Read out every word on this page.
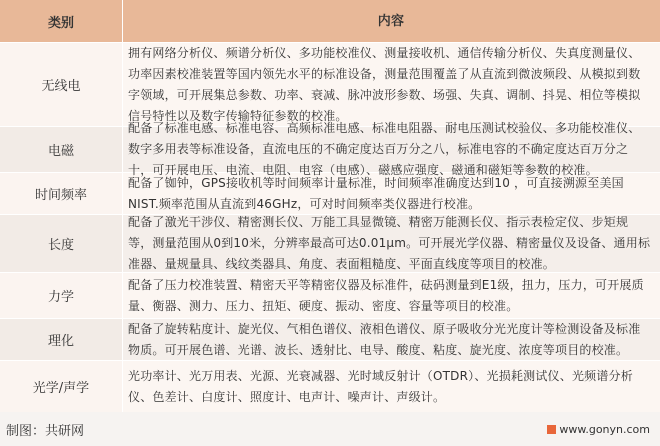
类别	内容
无线电
拥有网络分析仪、频谱分析仪、多功能校准仪、测量接收机、通信传输分析仪、失真度测量仪、
功率因素校准装置等国内领先水平的标准设备，测量范围覆盖了从直流到微波频段、从模拟到数
字领域，可开展集总参数、功率、衰减、脉冲波形参数、场强、失真、调制、抖晃、相位等模拟
信号特性以及数字传输特征参数的校准。
电磁
配备了标准电感、标准电容、高频标准电感、标准电阻器、耐电压测试校验仪、多功能校准仪、
数字多用表等标准设备，直流电压的不确定度达百万分之八，标准电容的不确定度达百万分之
十，可开展电压、电流、电阻、电容（电感）、磁感应强度、磁通和磁矩等参数的校准。
时间频率
配备了铷钟，GPS接收机等时间频率计量标准，时间频率准确度达到10 ，可直接溯源至美国
NIST.频率范围从直流到46GHz，可对时间频率类仪器进行校准。
长度
配备了激光干涉仪、精密测长仪、万能工具显微镜、精密万能测长仪、指示表检定仪、步矩规
等，测量范围从0到10米，分辨率最高可达0.01μm。可开展光学仪器、精密量仪及设备、通用标
准器、量规量具、线纹类器具、角度、表面粗糙度、平面直线度等项目的校准。
力学
配备了压力校准装置、精密天平等精密仪器及标准件，砝码测量到E1级，扭力，压力，可开展质
量、衡器、测力、压力、扭矩、硬度、振动、密度、容量等项目的校准。
理化
配备了旋转粘度计、旋光仪、气相色谱仪、液相色谱仪、原子吸收分光光度计等检测设备及标准
物质。可开展色谱、光谱、波长、透射比、电导、酸度、粘度、旋光度、浓度等项目的校准。
光学/声学
光功率计、光万用表、光源、光衰减器、光时域反射计（OTDR）、光损耗测试仪、光频谱分析
仪、色差计、白度计、照度计、电声计、噪声计、声级计。
制图：共研网	www.gonyn.com
